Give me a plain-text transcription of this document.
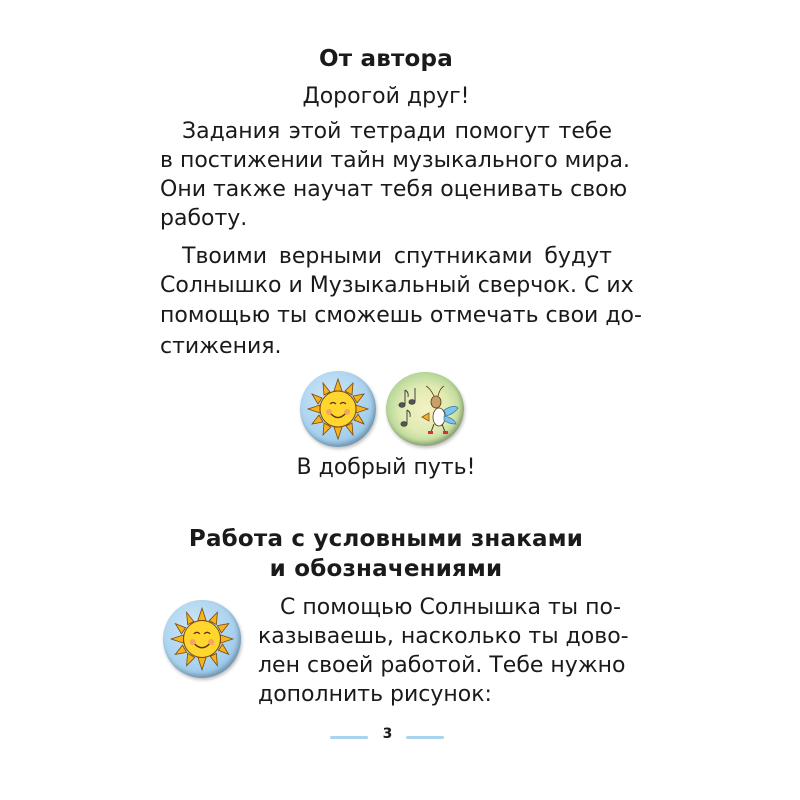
От автора
Дорогой друг!
Задания этой тетради помогут тебе
в постижении тайн музыкального мира.
Они также научат тебя оценивать свою
работу.
Твоими верными спутниками будут
Солнышко и Музыкальный сверчок. С их
помощью ты сможешь отмечать свои до-
стижения.
В добрый путь!
Работа с условными знаками
и обозначениями
С помощью Солнышка ты по-
казываешь, насколько ты дово-
лен своей работой. Тебе нужно
дополнить рисунок:
3
